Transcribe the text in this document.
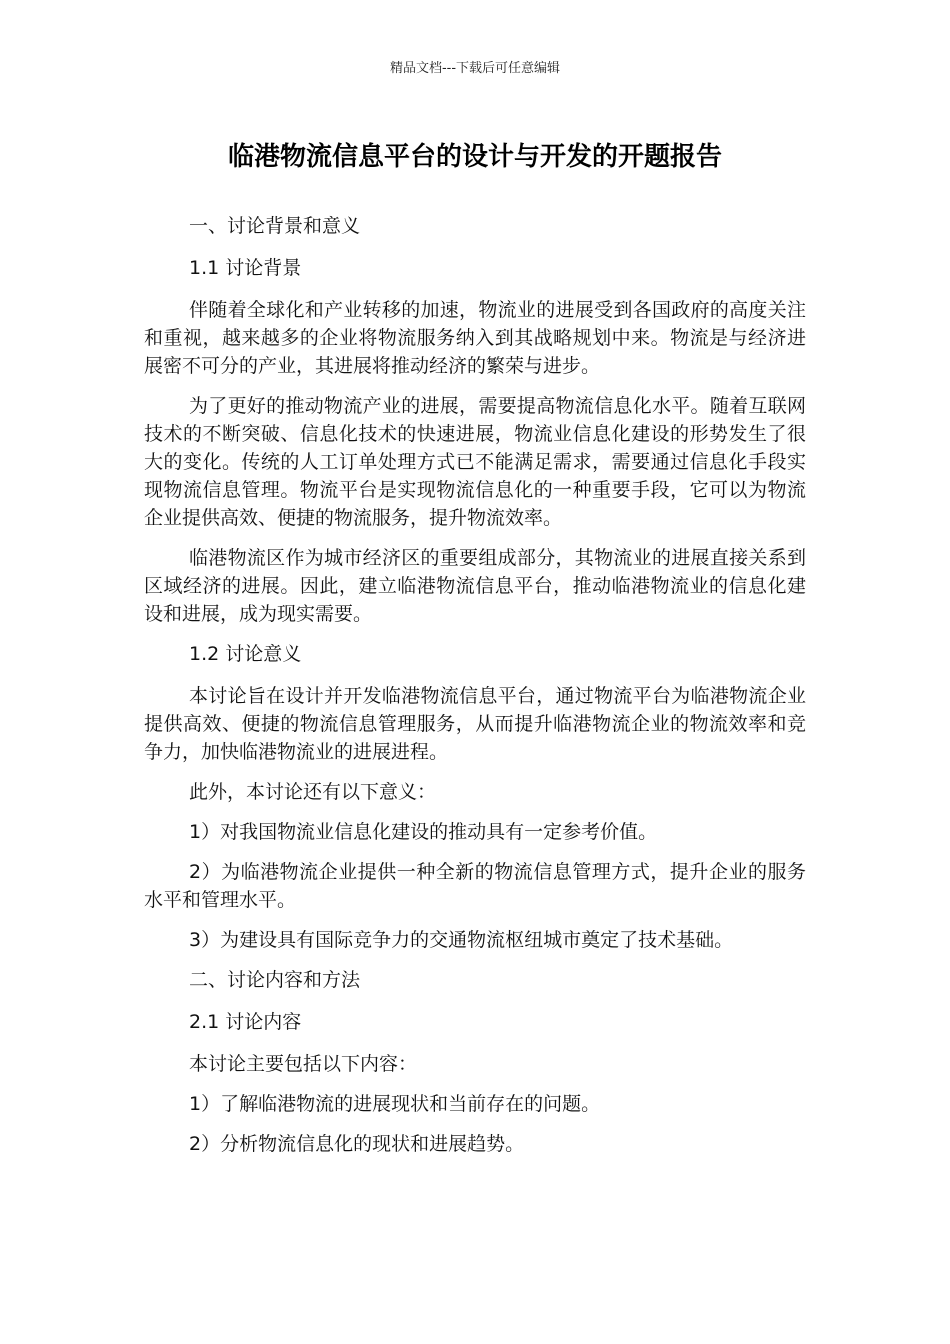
精品文档---下载后可任意编辑
临港物流信息平台的设计与开发的开题报告

一、讨论背景和意义

1.1 讨论背景

伴随着全球化和产业转移的加速，物流业的进展受到各国政府的高度关注和重视，越来越多的企业将物流服务纳入到其战略规划中来。物流是与经济进展密不可分的产业，其进展将推动经济的繁荣与进步。

为了更好的推动物流产业的进展，需要提高物流信息化水平。随着互联网技术的不断突破、信息化技术的快速进展，物流业信息化建设的形势发生了很大的变化。传统的人工订单处理方式已不能满足需求，需要通过信息化手段实现物流信息管理。物流平台是实现物流信息化的一种重要手段，它可以为物流企业提供高效、便捷的物流服务，提升物流效率。

临港物流区作为城市经济区的重要组成部分，其物流业的进展直接关系到区域经济的进展。因此，建立临港物流信息平台，推动临港物流业的信息化建设和进展，成为现实需要。

1.2 讨论意义

本讨论旨在设计并开发临港物流信息平台，通过物流平台为临港物流企业提供高效、便捷的物流信息管理服务，从而提升临港物流企业的物流效率和竞争力，加快临港物流业的进展进程。

此外，本讨论还有以下意义：

1）对我国物流业信息化建设的推动具有一定参考价值。

2）为临港物流企业提供一种全新的物流信息管理方式，提升企业的服务水平和管理水平。

3）为建设具有国际竞争力的交通物流枢纽城市奠定了技术基础。

二、讨论内容和方法

2.1 讨论内容

本讨论主要包括以下内容：

1）了解临港物流的进展现状和当前存在的问题。

2）分析物流信息化的现状和进展趋势。
